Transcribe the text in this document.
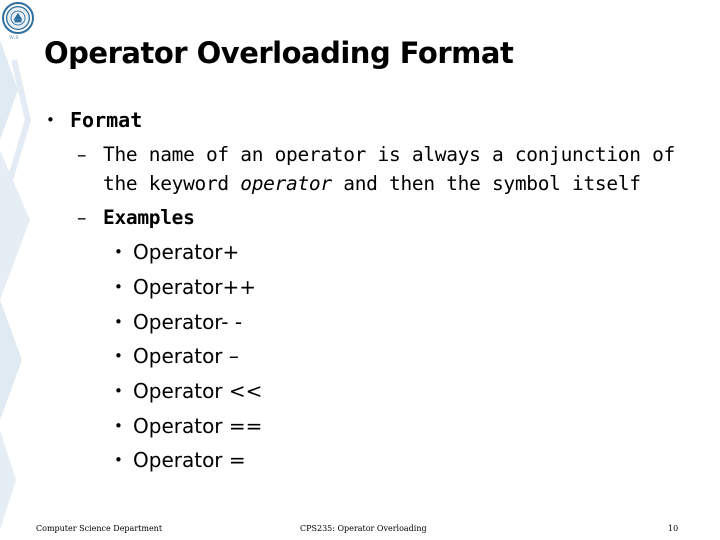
w.s Operator Overloading Format
• Format
– The name of an operator is always a conjunction of
the keyword operator and then the symbol itself
– Examples
• Operator+
• Operator++
• Operator- -
• Operator –
• Operator <<
• Operator ==
• Operator =
Computer Science Department	CPS235: Operator Overloading	10
